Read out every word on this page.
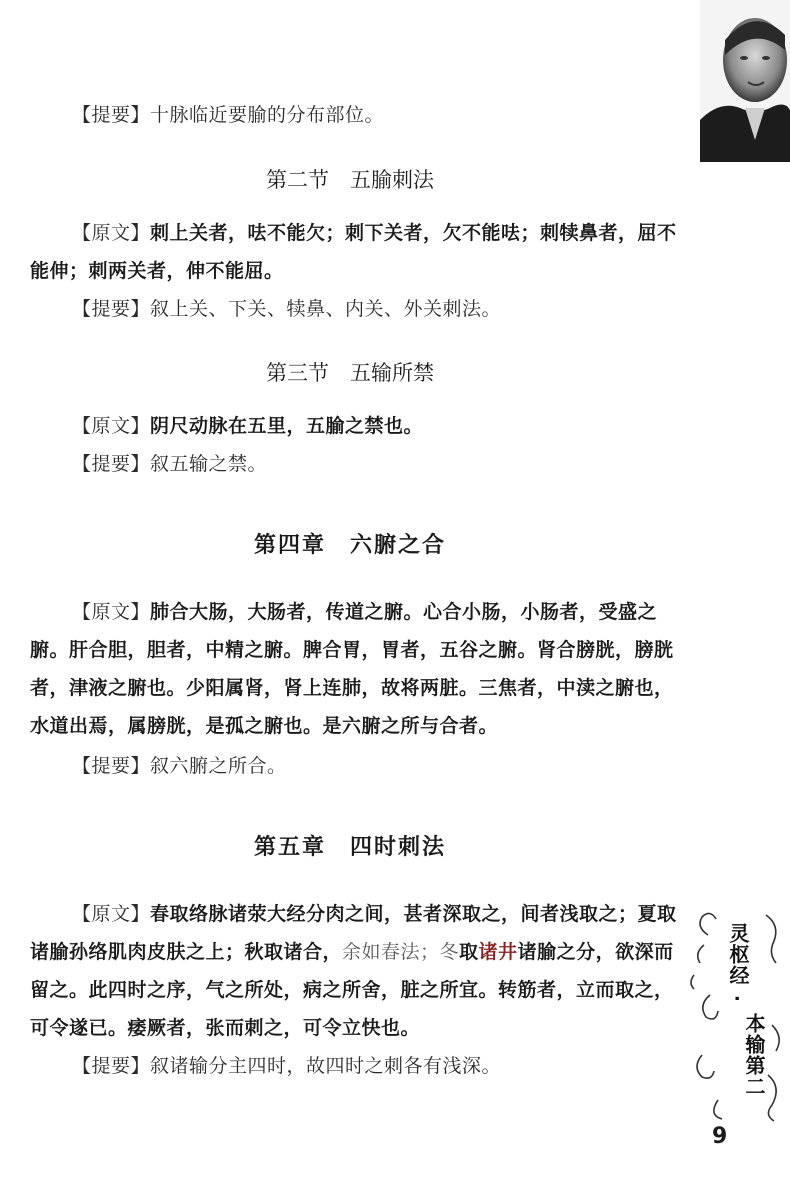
【提要】十脉临近要腧的分布部位。
第二节　五腧刺法
【原文】刺上关者，呿不能欠；刺下关者，欠不能呿；刺犊鼻者，屈不能伸；刺两关者，伸不能屈。
【提要】叙上关、下关、犊鼻、内关、外关刺法。
第三节　五输所禁
【原文】阴尺动脉在五里，五腧之禁也。
【提要】叙五输之禁。
第四章　六腑之合
【原文】肺合大肠，大肠者，传道之腑。心合小肠，小肠者，受盛之腑。肝合胆，胆者，中精之腑。脾合胃，胃者，五谷之腑。肾合膀胱，膀胱者，津液之腑也。少阳属肾，肾上连肺，故将两脏。三焦者，中渎之腑也，水道出焉，属膀胱，是孤之腑也。是六腑之所与合者。
【提要】叙六腑之所合。
第五章　四时刺法
【原文】春取络脉诸荥大经分肉之间，甚者深取之，间者浅取之；夏取诸腧孙络肌肉皮肤之上；秋取诸合，余如春法；冬取诸井诸腧之分，欲深而留之。此四时之序，气之所处，病之所舍，脏之所宜。转筋者，立而取之，可令遂已。痿厥者，张而刺之，可令立快也。
【提要】叙诸输分主四时，故四时之刺各有浅深。
灵枢经
·
本输第二
9
